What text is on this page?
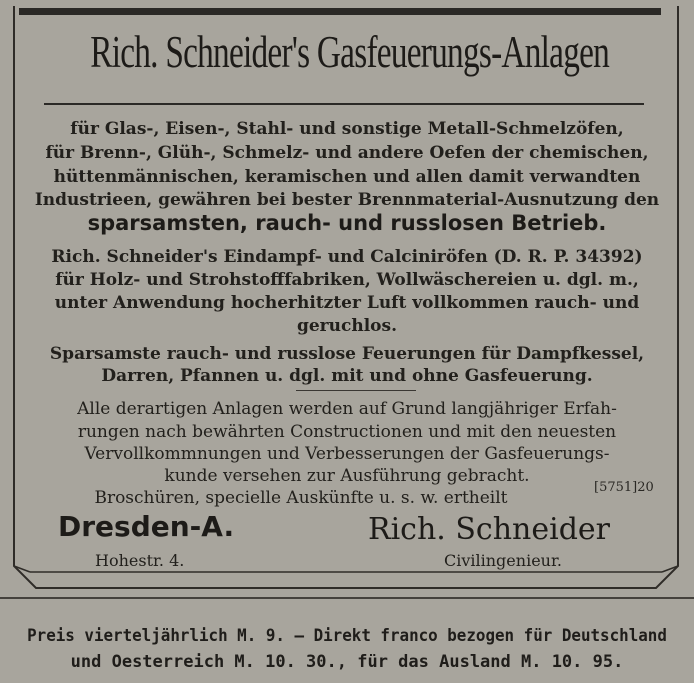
Rich. Schneider's Gasfeuerungs-Anlagen
für Glas-, Eisen-, Stahl- und sonstige Metall-Schmelzöfen,
für Brenn-, Glüh-, Schmelz- und andere Oefen der chemischen,
hüttenmännischen, keramischen und allen damit verwandten
Industrieen, gewähren bei bester Brennmaterial-Ausnutzung den
sparsamsten, rauch- und russlosen Betrieb.
Rich. Schneider's Eindampf- und Calciniröfen (D. R. P. 34392)
für Holz- und Strohstofffabriken, Wollwäschereien u. dgl. m.,
unter Anwendung hocherhitzter Luft vollkommen rauch- und
geruchlos.
Sparsamste rauch- und russlose Feuerungen für Dampfkessel,
Darren, Pfannen u. dgl. mit und ohne Gasfeuerung.
Alle derartigen Anlagen werden auf Grund langjähriger Erfah-
rungen nach bewährten Constructionen und mit den neuesten
Vervollkommnungen und Verbesserungen der Gasfeuerungs-
kunde versehen zur Ausführung gebracht.
Broschüren, specielle Auskünfte u. s. w. ertheilt
[5751]20
Dresden-A.
Hohestr. 4.
Rich. Schneider
Civilingenieur.
Preis vierteljährlich M. 9. — Direkt franco bezogen für Deutschland
und Oesterreich M. 10. 30., für das Ausland M. 10. 95.
